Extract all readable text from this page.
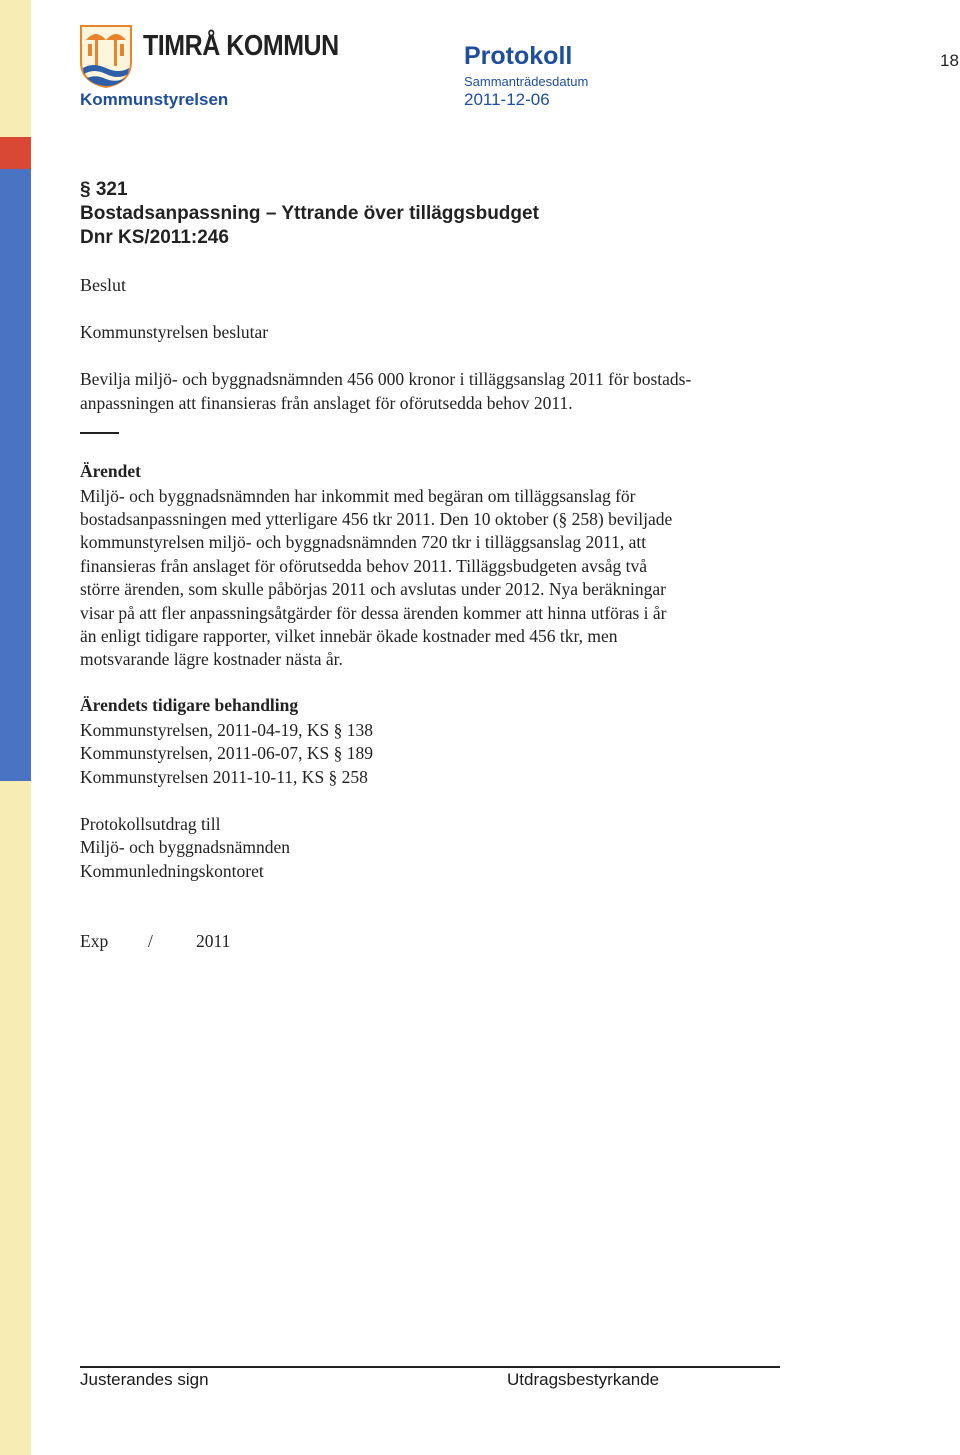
TIMRÅ KOMMUN
Kommunstyrelsen
Protokoll
Sammanträdesdatum
2011-12-06
18
§ 321
Bostadsanpassning – Yttrande över tilläggsbudget
Dnr KS/2011:246
Beslut
Kommunstyrelsen beslutar
Bevilja miljö- och byggnadsnämnden 456 000 kronor i tilläggsanslag 2011 för bostads-
anpassningen att finansieras från anslaget för oförutsedda behov 2011.
Ärendet
Miljö- och byggnadsnämnden har inkommit med begäran om tilläggsanslag för
bostadsanpassningen med ytterligare 456 tkr 2011. Den 10 oktober (§ 258) beviljade
kommunstyrelsen miljö- och byggnadsnämnden 720 tkr i tilläggsanslag 2011, att
finansieras från anslaget för oförutsedda behov 2011. Tilläggsbudgeten avsåg två
större ärenden, som skulle påbörjas 2011 och avslutas under 2012. Nya beräkningar
visar på att fler anpassningsåtgärder för dessa ärenden kommer att hinna utföras i år
än enligt tidigare rapporter, vilket innebär ökade kostnader med 456 tkr, men
motsvarande lägre kostnader nästa år.
Ärendets tidigare behandling
Kommunstyrelsen, 2011-04-19, KS § 138
Kommunstyrelsen, 2011-06-07, KS § 189
Kommunstyrelsen 2011-10-11, KS § 258
Protokollsutdrag till
Miljö- och byggnadsnämnden
Kommunledningskontoret
Exp / 2011
Justerandes sign	Utdragsbestyrkande
